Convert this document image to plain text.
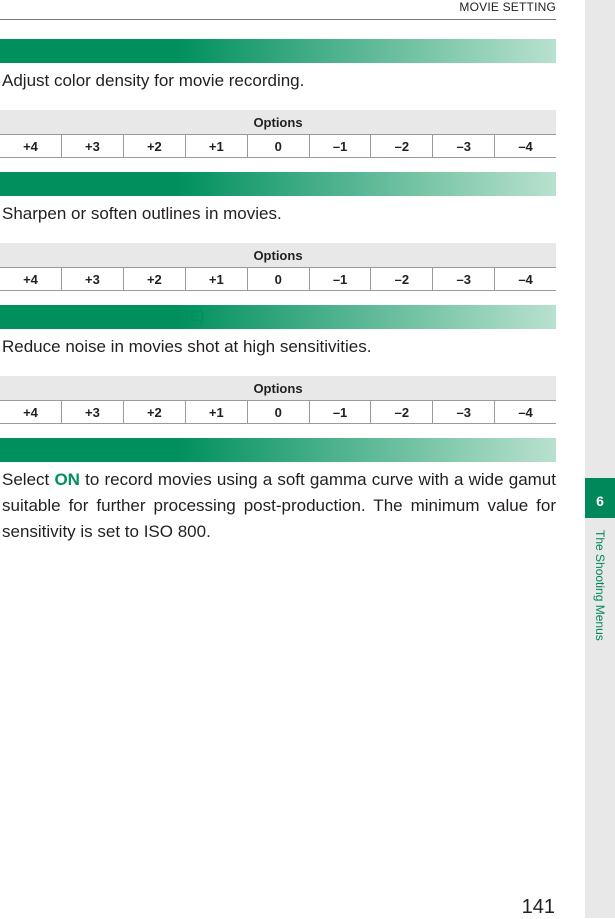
MOVIE SETTING
6
The Shooting Menus
COLOR (MOVIE)
Adjust color density for movie recording.
Options
+4	+3	+2	+1	0	–1	–2	–3	–4
SHARPNESS (MOVIE)
Sharpen or soften outlines in movies.
Options
+4	+3	+2	+1	0	–1	–2	–3	–4
NOISE REDUCTION (MOVIE)
Reduce noise in movies shot at high sensitivities.
Options
+4	+3	+2	+1	0	–1	–2	–3	–4
F-Log RECORDING
Select ON to record movies using a soft gamma curve with a wide gamut suitable for further processing post-production. The minimum value for sensitivity is set to ISO 800.
141
